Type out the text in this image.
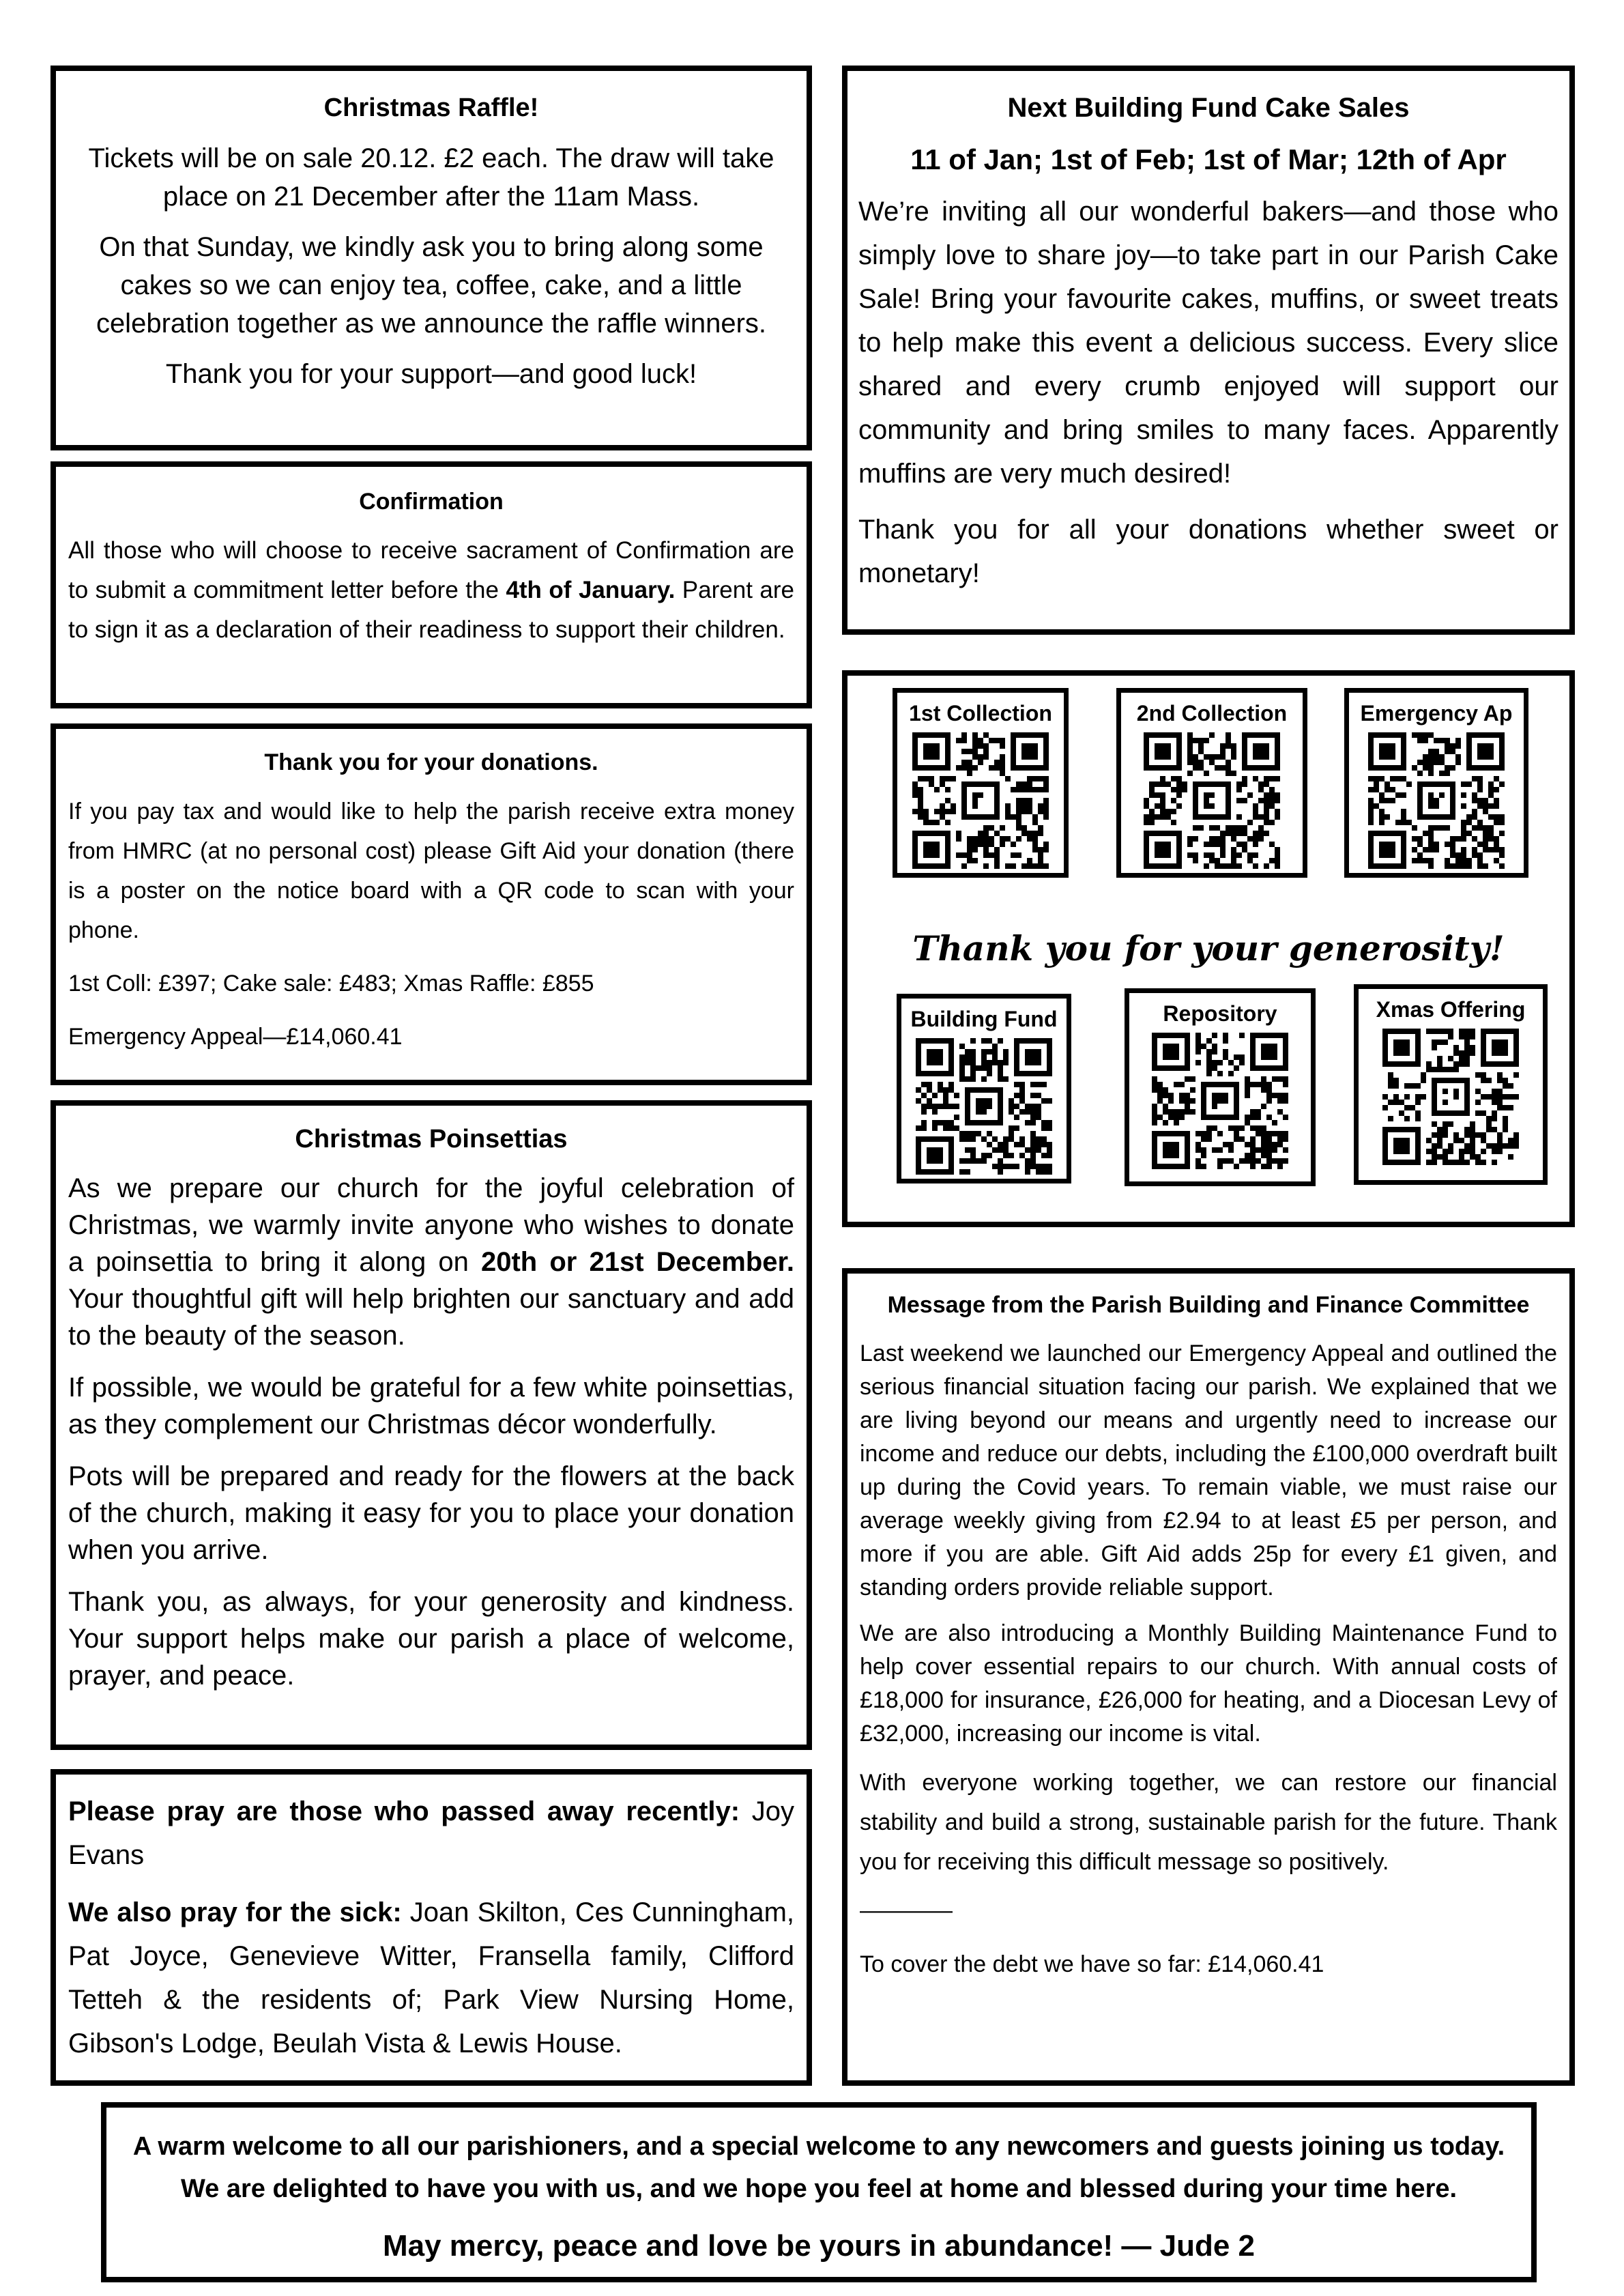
Christmas Raffle!

Tickets will be on sale 20.12. £2 each. The draw will take place on 21 December after the 11am Mass.

On that Sunday, we kindly ask you to bring along some cakes so we can enjoy tea, coffee, cake, and a little celebration together as we announce the raffle winners.

Thank you for your support—and good luck!

Confirmation

All those who will choose to receive sacrament of Confirmation are to submit a commitment letter before the 4th of January. Parent are to sign it as a declaration of their readiness to support their children.

Thank you for your donations.

If you pay tax and would like to help the parish receive extra money from HMRC (at no personal cost) please Gift Aid your donation (there is a poster on the notice board with a QR code to scan with your phone.

1st Coll: £397; Cake sale: £483; Xmas Raffle: £855

Emergency Appeal—£14,060.41

Christmas Poinsettias

As we prepare our church for the joyful celebration of Christmas, we warmly invite anyone who wishes to donate a poinsettia to bring it along on 20th or 21st December. Your thoughtful gift will help brighten our sanctuary and add to the beauty of the season.

If possible, we would be grateful for a few white poinsettias, as they complement our Christmas décor wonderfully.

Pots will be prepared and ready for the flowers at the back of the church, making it easy for you to place your donation when you arrive.

Thank you, as always, for your generosity and kindness. Your support helps make our parish a place of welcome, prayer, and peace.

Please pray are those who passed away recently: Joy Evans

We also pray for the sick: Joan Skilton, Ces Cunningham, Pat Joyce, Genevieve Witter, Fransella family, Clifford Tetteh & the residents of; Park View Nursing Home, Gibson's Lodge, Beulah Vista & Lewis House.

Next Building Fund Cake Sales

11 of Jan; 1st of Feb; 1st of Mar; 12th of Apr

We’re inviting all our wonderful bakers—and those who simply love to share joy—to take part in our Parish Cake Sale! Bring your favourite cakes, muffins, or sweet treats to help make this event a delicious success. Every slice shared and every crumb enjoyed will support our community and bring smiles to many faces. Apparently muffins are very much desired!

Thank you for all your donations whether sweet or monetary!

1st Collection	2nd Collection	Emergency Ap
Thank you for your generosity!
Building Fund	Repository	Xmas Offering

Message from the Parish Building and Finance Committee

Last weekend we launched our Emergency Appeal and outlined the serious financial situation facing our parish. We explained that we are living beyond our means and urgently need to increase our income and reduce our debts, including the £100,000 overdraft built up during the Covid years. To remain viable, we must raise our average weekly giving from £2.94 to at least £5 per person, and more if you are able. Gift Aid adds 25p for every £1 given, and standing orders provide reliable support.

We are also introducing a Monthly Building Maintenance Fund to help cover essential repairs to our church. With annual costs of £18,000 for insurance, £26,000 for heating, and a Diocesan Levy of £32,000, increasing our income is vital.

With everyone working together, we can restore our financial stability and build a strong, sustainable parish for the future. Thank you for receiving this difficult message so positively.

————

To cover the debt we have so far: £14,060.41

A warm welcome to all our parishioners, and a special welcome to any newcomers and guests joining us today.

We are delighted to have you with us, and we hope you feel at home and blessed during your time here.

May mercy, peace and love be yours in abundance! — Jude 2
